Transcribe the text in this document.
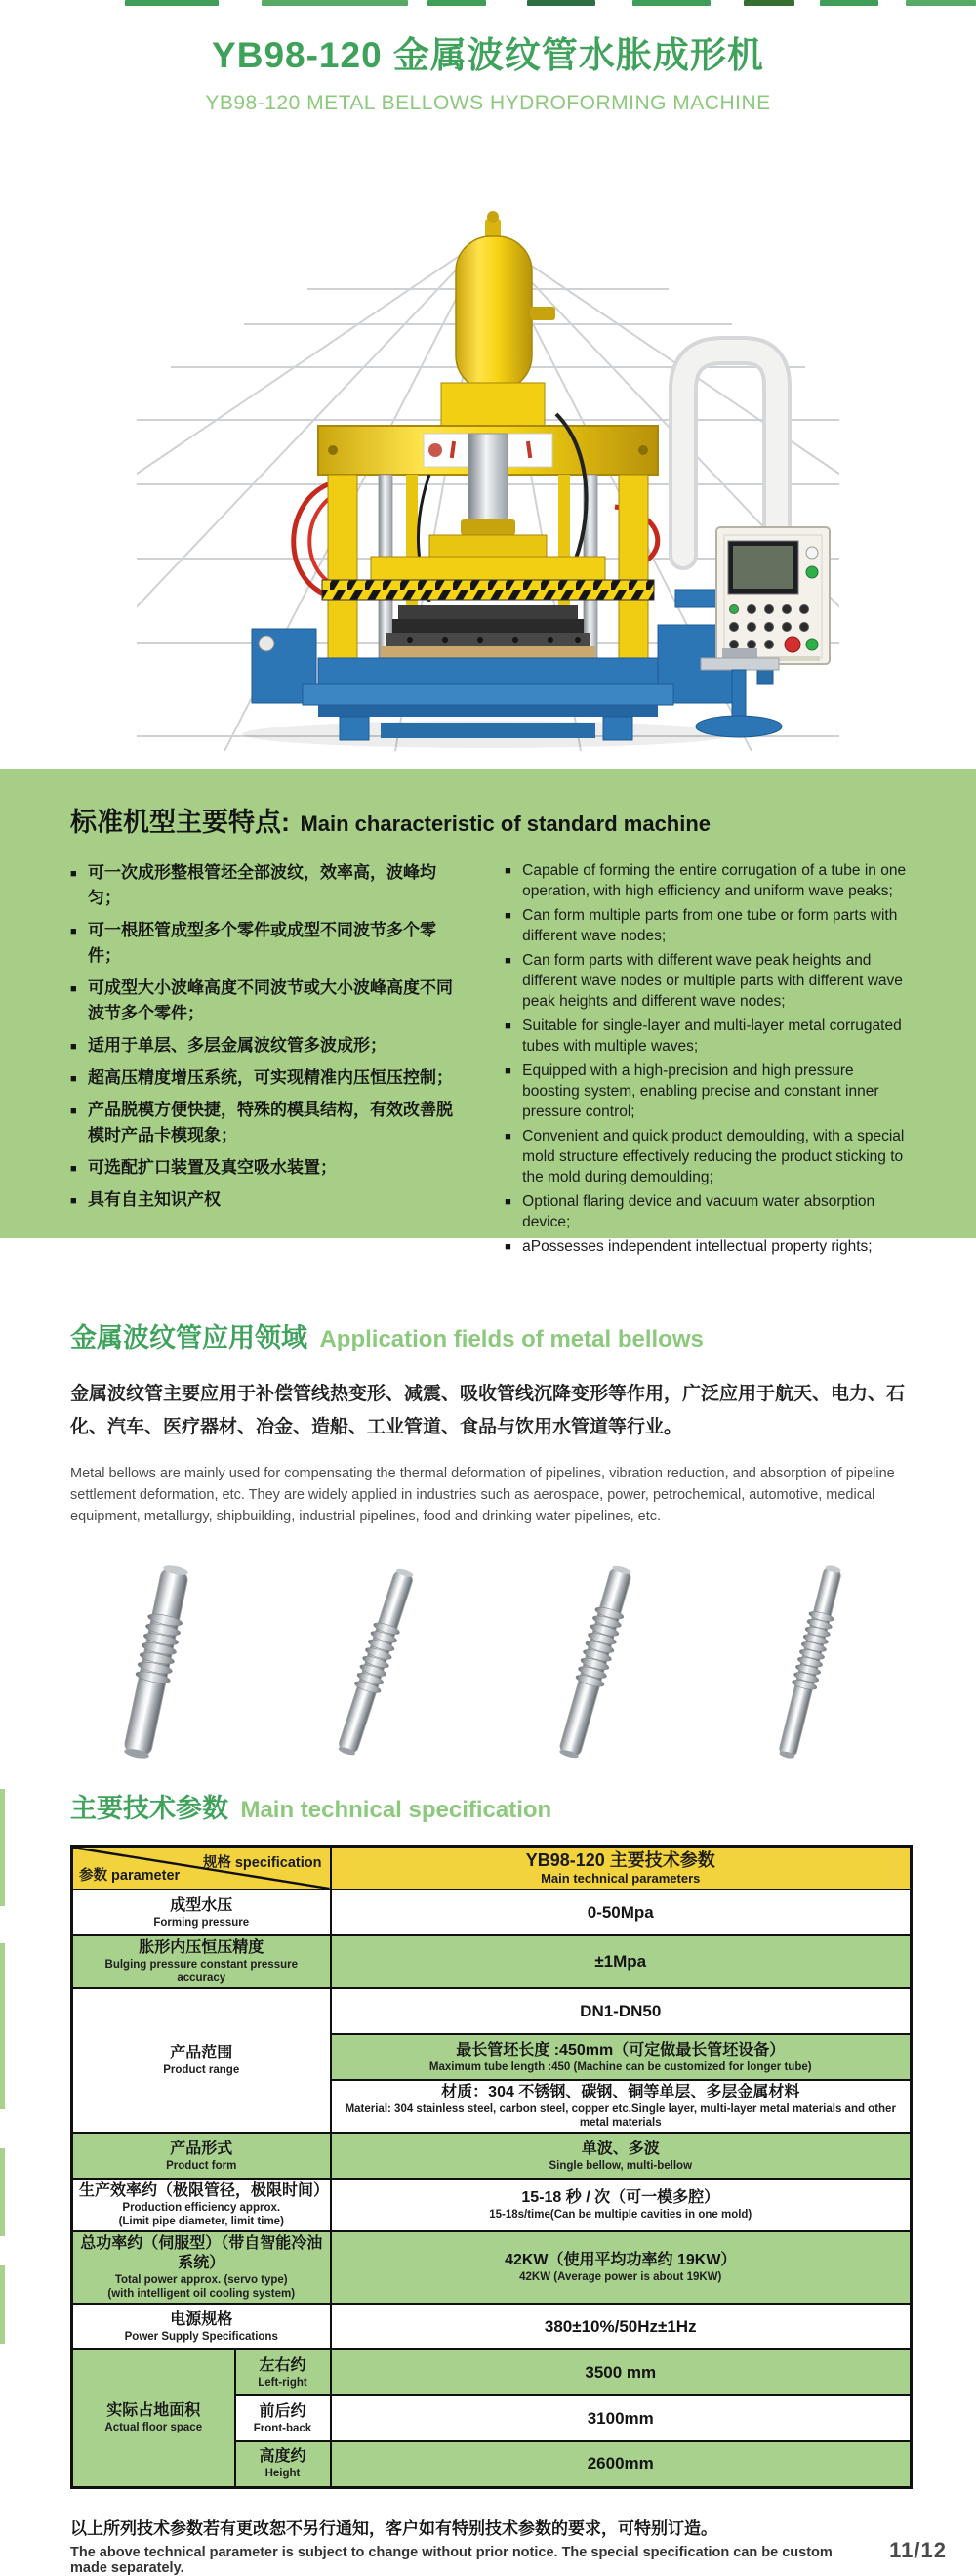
YB98-120 金属波纹管水胀成形机
YB98-120 METAL BELLOWS HYDROFORMING MACHINE
标准机型主要特点: Main characteristic of standard machine
■ 可一次成形整根管坯全部波纹，效率高，波峰均匀；
■ 可一根胚管成型多个零件或成型不同波节多个零件；
■ 可成型大小波峰高度不同波节或大小波峰高度不同波节多个零件；
■ 适用于单层、多层金属波纹管多波成形；
■ 超高压精度增压系统，可实现精准内压恒压控制；
■ 产品脱模方便快捷，特殊的模具结构，有效改善脱模时产品卡模现象；
■ 可选配扩口装置及真空吸水装置；
■ 具有自主知识产权
■ Capable of forming the entire corrugation of a tube in one operation, with high efficiency and uniform wave peaks;
■ Can form multiple parts from one tube or form parts with different wave nodes;
■ Can form parts with different wave peak heights and different wave nodes or multiple parts with different wave peak heights and different wave nodes;
■ Suitable for single-layer and multi-layer metal corrugated tubes with multiple waves;
■ Equipped with a high-precision and high pressure boosting system, enabling precise and constant inner pressure control;
■ Convenient and quick product demoulding, with a special mold structure effectively reducing the product sticking to the mold during demoulding;
■ Optional flaring device and vacuum water absorption device;
■ aPossesses independent intellectual property rights;
金属波纹管应用领域 Application fields of metal bellows

金属波纹管主要应用于补偿管线热变形、减震、吸收管线沉降变形等作用，广泛应用于航天、电力、石化、汽车、医疗器材、冶金、造船、工业管道、食品与饮用水管道等行业。

Metal bellows are mainly used for compensating the thermal deformation of pipelines, vibration reduction, and absorption of pipeline settlement deformation, etc. They are widely applied in industries such as aerospace, power, petrochemical, automotive, medical equipment, metallurgy, shipbuilding, industrial pipelines, food and drinking water pipelines, etc.

主要技术参数 Main technical specification
规格 specification
参数 parameter		YB98-120 主要技术参数
Main technical parameters

成型水压
Forming pressure		0-50Mpa

胀形内压恒压精度
Bulging pressure constant pressure accuracy		±1Mpa

产品范围
Product range		DN1-DN50

		最长管坯长度 :450mm（可定做最长管坯设备）
Maximum tube length :450 (Machine can be customized for longer tube)

		材质：304 不锈钢、碳钢、铜等单层、多层金属材料
Material: 304 stainless steel, carbon steel, copper etc.Single layer, multi-layer metal materials and other metal materials

产品形式
Product form		单波、多波
Single bellow, multi-bellow

生产效率约（极限管径，极限时间）
Production efficiency approx.
(Limit pipe diameter, limit time)		15-18 秒 / 次（可一模多腔）
15-18s/time(Can be multiple cavities in one mold)

总功率约（伺服型）（带自智能冷油系统）
Total power approx. (servo type)
(with intelligent oil cooling system)		42KW（使用平均功率约 19KW）
42KW (Average power is about 19KW)

电源规格
Power Supply Specifications		380±10%/50Hz±1Hz

实际占地面积
Actual floor space	左右约
Left-right	3500 mm

	前后约
Front-back	3100mm

	高度约
Height	2600mm
以上所列技术参数若有更改恕不另行通知，客户如有特别技术参数的要求，可特别订造。
The above technical parameter is subject to change without prior notice. The special specification can be custom made separately.
11/12
